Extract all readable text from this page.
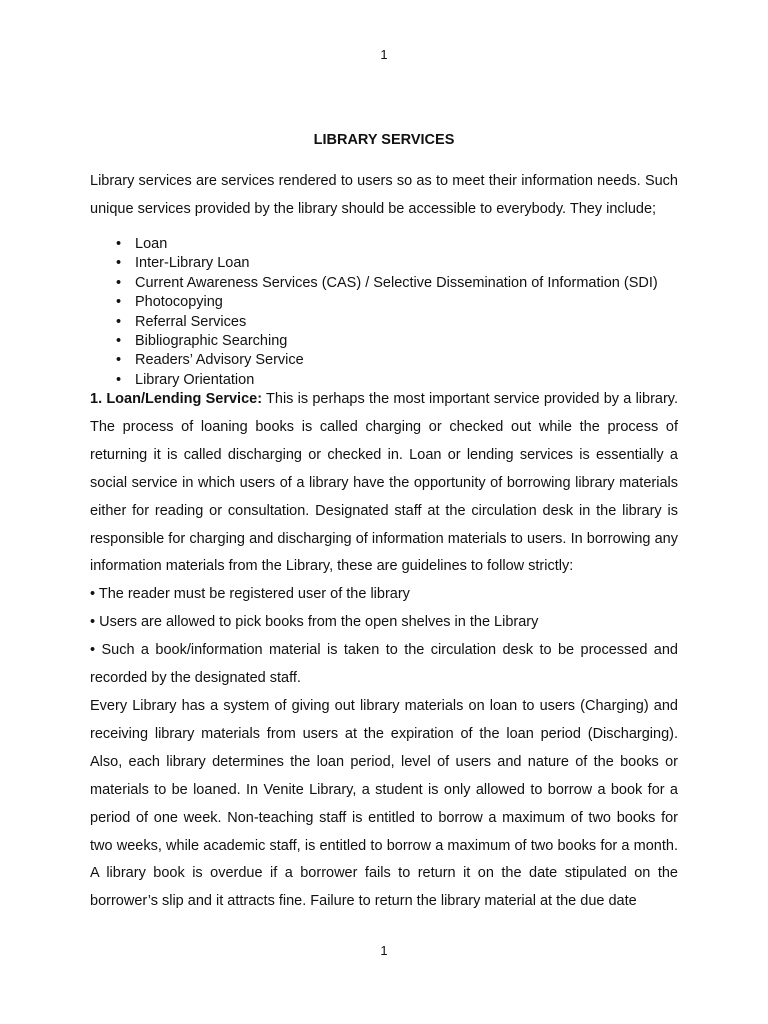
1
LIBRARY SERVICES

Library services are services rendered to users so as to meet their information needs. Such unique services provided by the library should be accessible to everybody. They include;

• Loan
• Inter-Library Loan
• Current Awareness Services (CAS) / Selective Dissemination of Information (SDI)
• Photocopying
• Referral Services
• Bibliographic Searching
• Readers’ Advisory Service
• Library Orientation

1. Loan/Lending Service: This is perhaps the most important service provided by a library. The process of loaning books is called charging or checked out while the process of returning it is called discharging or checked in. Loan or lending services is essentially a social service in which users of a library have the opportunity of borrowing library materials either for reading or consultation. Designated staff at the circulation desk in the library is responsible for charging and discharging of information materials to users. In borrowing any information materials from the Library, these are guidelines to follow strictly:

• The reader must be registered user of the library

• Users are allowed to pick books from the open shelves in the Library

• Such a book/information material is taken to the circulation desk to be processed and recorded by the designated staff.

Every Library has a system of giving out library materials on loan to users (Charging) and receiving library materials from users at the expiration of the loan period (Discharging). Also, each library determines the loan period, level of users and nature of the books or materials to be loaned. In Venite Library, a student is only allowed to borrow a book for a period of one week. Non-teaching staff is entitled to borrow a maximum of two books for two weeks, while academic staff, is entitled to borrow a maximum of two books for a month. A library book is overdue if a borrower fails to return it on the date stipulated on the borrower’s slip and it attracts fine. Failure to return the library material at the due date

1
